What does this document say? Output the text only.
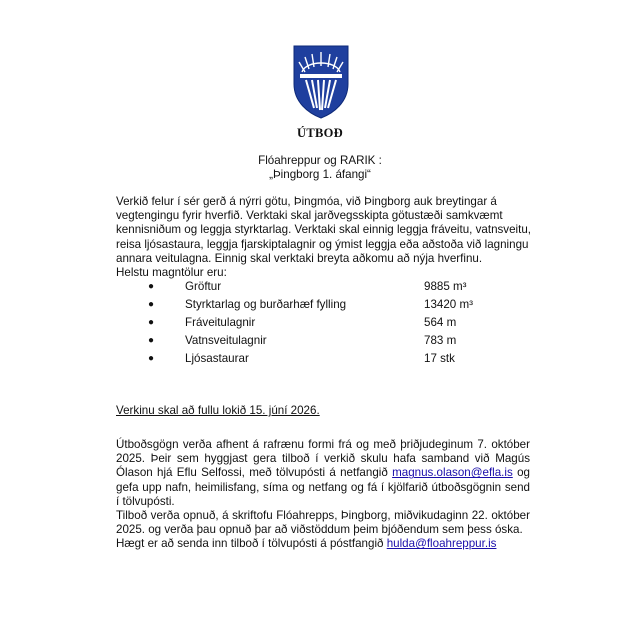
ÚTBOÐ
Flóahreppur og RARIK :
„Þingborg 1. áfangi“

Verkið felur í sér gerð á nýrri götu, Þingmóa, við Þingborg auk breytingar á vegtengingu fyrir hverfið. Verktaki skal jarðvegsskipta götustæði samkvæmt kennisniðum og leggja styrktarlag. Verktaki skal einnig leggja fráveitu, vatnsveitu, reisa ljósastaura, leggja fjarskiptalagnir og ýmist leggja eða aðstoða við lagningu annara veitulagna. Einnig skal verktaki breyta aðkomu að nýja hverfinu.

Helstu magntölur eru:

●	Gröftur	9885 m³
●	Styrktarlag og burðarhæf fylling	13420 m³
●	Fráveitulagnir	564 m
●	Vatnsveitulagnir	783 m
●	Ljósastaurar	17 stk
Verkinu skal að fullu lokið 15. júní 2026.

Útboðsgögn verða afhent á rafrænu formi frá og með þriðjudeginum 7. október 2025. Þeir sem hyggjast gera tilboð í verkið skulu hafa samband við Magús Ólason hjá Eflu Selfossi, með tölvupósti á netfangið magnus.olason@efla.is og gefa upp nafn, heimilisfang, síma og netfang og fá í kjölfarið útboðsgögnin send í tölvupósti.

Tilboð verða opnuð, á skriftofu Flóahrepps, Þingborg, miðvikudaginn 22. október 2025. og verða þau opnuð þar að viðstöddum þeim bjóðendum sem þess óska.

Hægt er að senda inn tilboð í tölvupósti á póstfangið hulda@floahreppur.is
